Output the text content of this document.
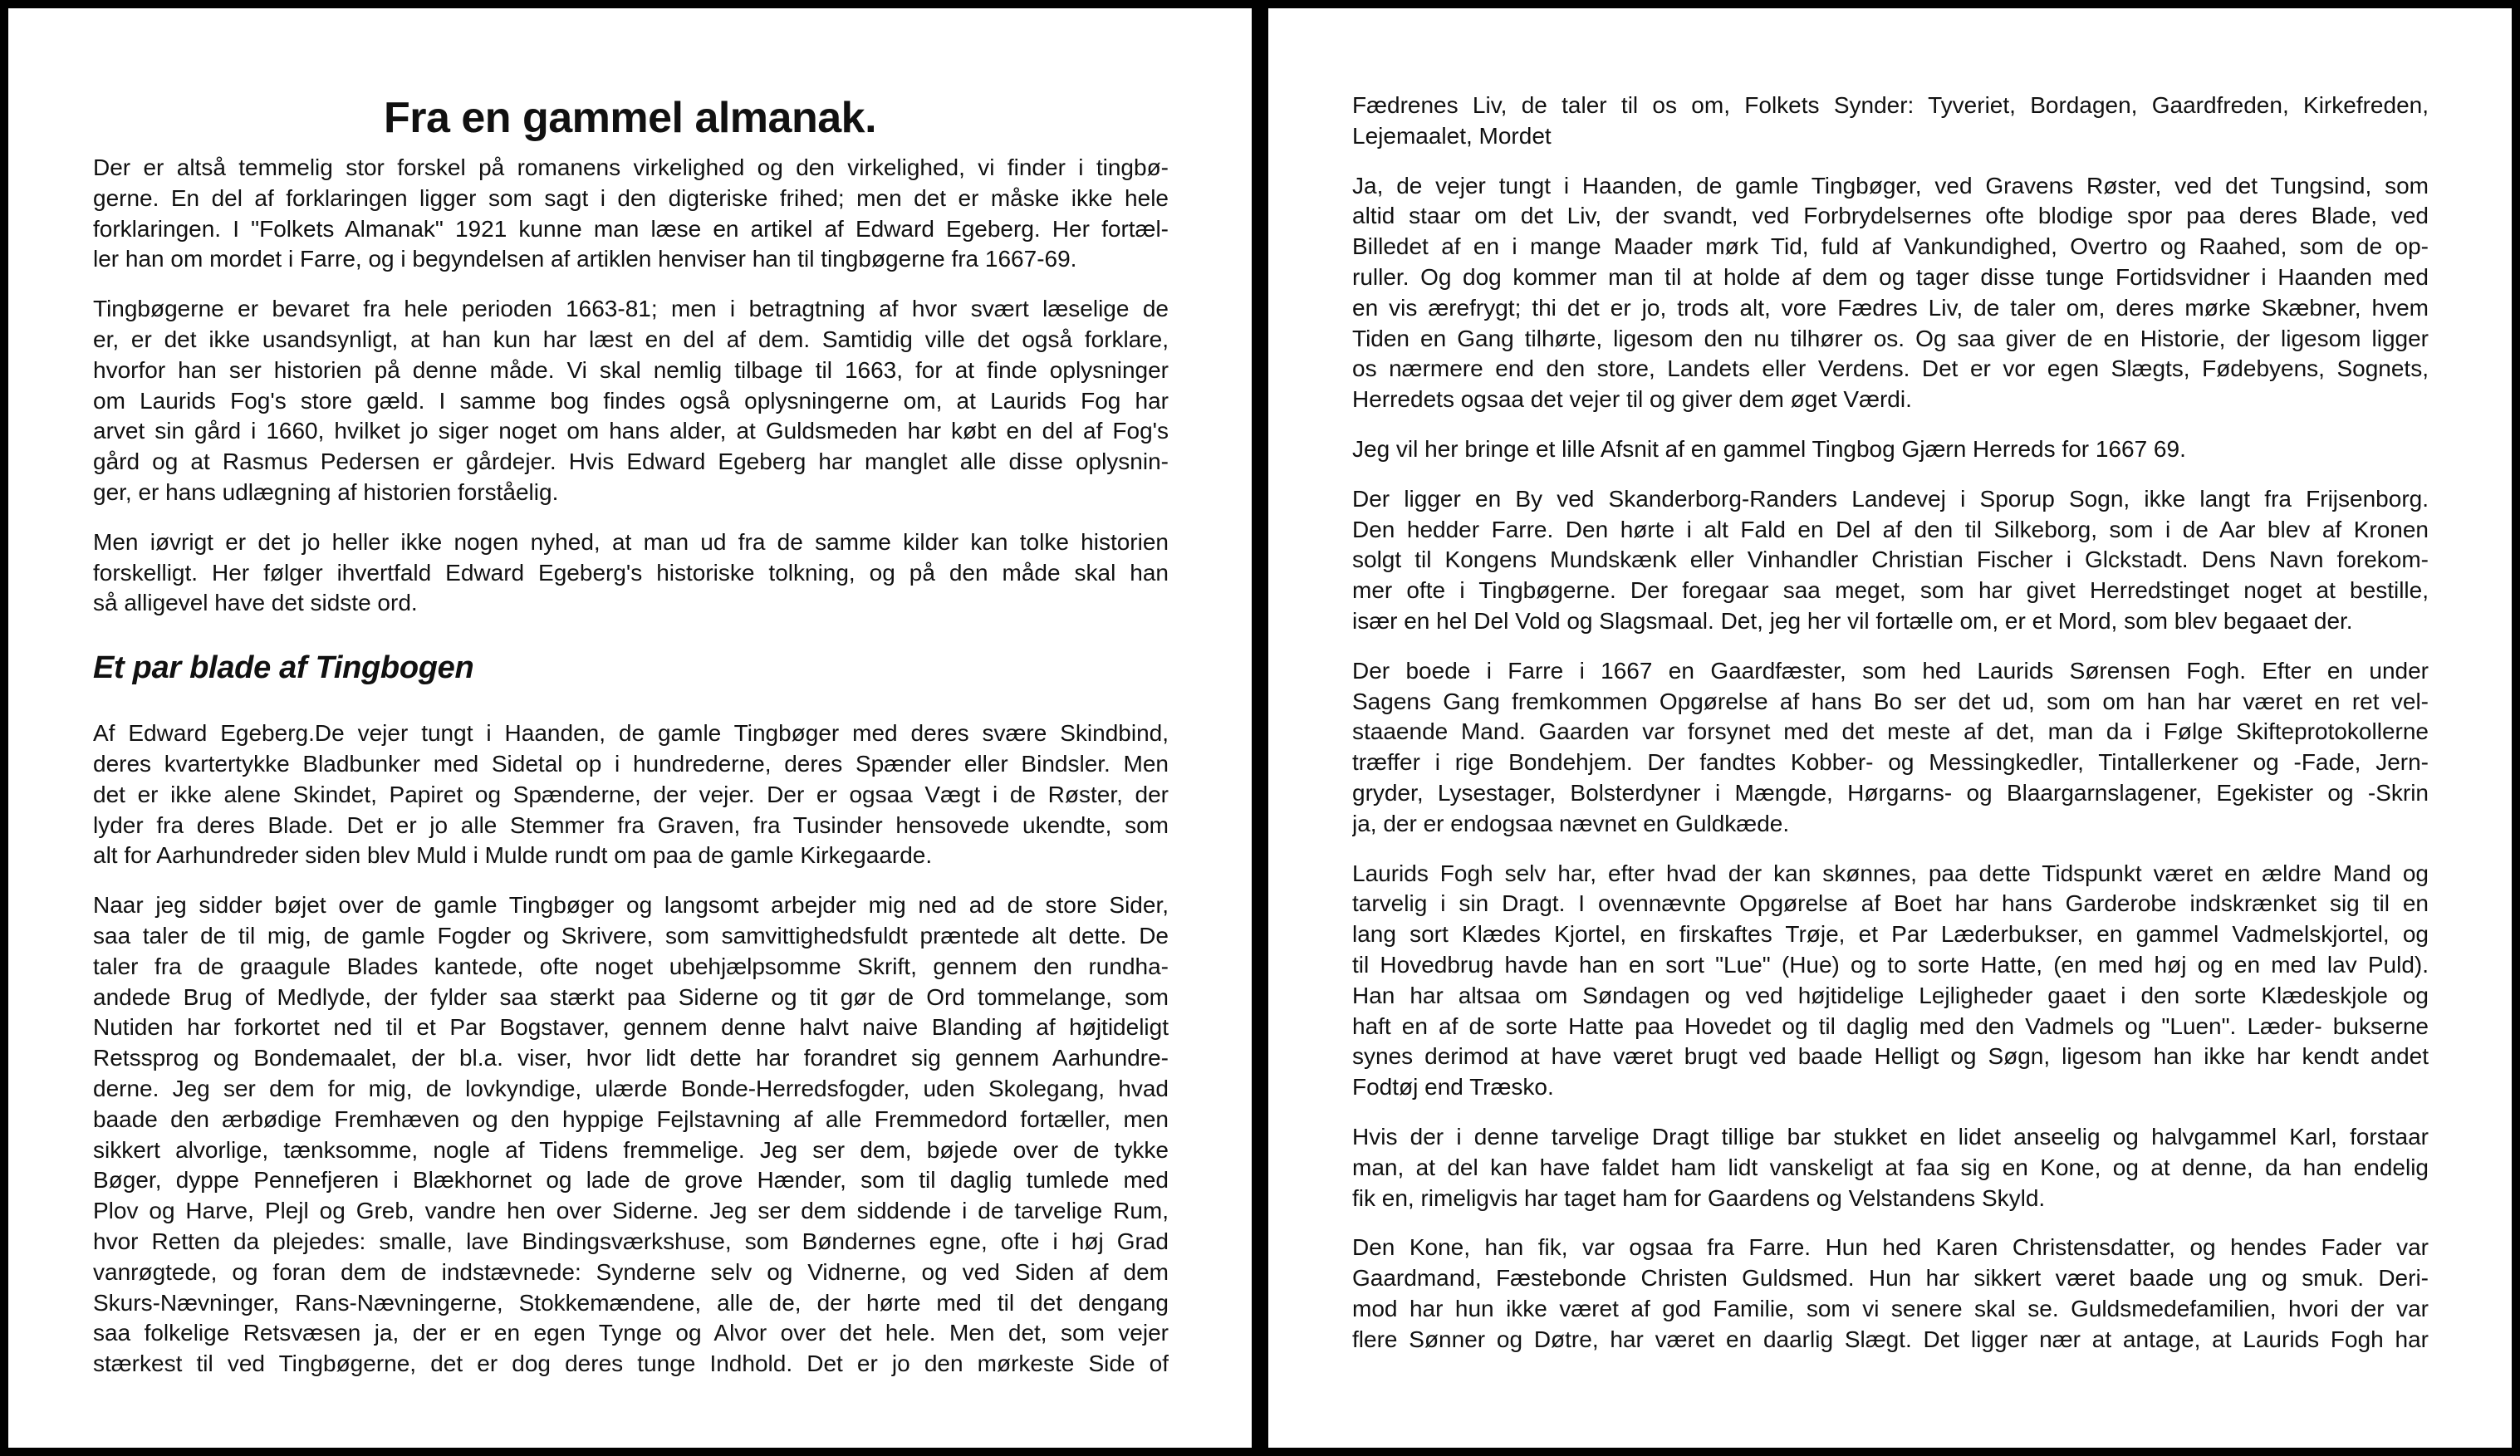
Fra en gammel almanak.
Der er altså temmelig stor forskel på romanens virkelighed og den virkelighed, vi finder i tingbø-
gerne. En del af forklaringen ligger som sagt i den digteriske frihed; men det er måske ikke hele
forklaringen. I "Folkets Almanak" 1921 kunne man læse en artikel af Edward Egeberg. Her fortæl-
ler han om mordet i Farre, og i begyndelsen af artiklen henviser han til tingbøgerne fra 1667-69.
Tingbøgerne er bevaret fra hele perioden 1663-81; men i betragtning af hvor svært læselige de
er, er det ikke usandsynligt, at han kun har læst en del af dem. Samtidig ville det også forklare,
hvorfor han ser historien på denne måde. Vi skal nemlig tilbage til 1663, for at finde oplysninger
om Laurids Fog's store gæld. I samme bog findes også oplysningerne om, at Laurids Fog har
arvet sin gård i 1660, hvilket jo siger noget om hans alder, at Guldsmeden har købt en del af Fog's
gård og at Rasmus Pedersen er gårdejer. Hvis Edward Egeberg har manglet alle disse oplysnin-
ger, er hans udlægning af historien forståelig.
Men iøvrigt er det jo heller ikke nogen nyhed, at man ud fra de samme kilder kan tolke historien
forskelligt. Her følger ihvertfald Edward Egeberg's historiske tolkning, og på den måde skal han
så alligevel have det sidste ord.
Et par blade af Tingbogen
Af Edward Egeberg.De vejer tungt i Haanden, de gamle Tingbøger med deres svære Skindbind,
deres kvartertykke Bladbunker med Sidetal op i hundrederne, deres Spænder eller Bindsler. Men
det er ikke alene Skindet, Papiret og Spænderne, der vejer. Der er ogsaa Vægt i de Røster, der
lyder fra deres Blade. Det er jo alle Stemmer fra Graven, fra Tusinder hensovede ukendte, som
alt for Aarhundreder siden blev Muld i Mulde rundt om paa de gamle Kirkegaarde.
Naar jeg sidder bøjet over de gamle Tingbøger og langsomt arbejder mig ned ad de store Sider,
saa taler de til mig, de gamle Fogder og Skrivere, som samvittighedsfuldt præntede alt dette. De
taler fra de graagule Blades kantede, ofte noget ubehjælpsomme Skrift, gennem den rundha-
andede Brug of Medlyde, der fylder saa stærkt paa Siderne og tit gør de Ord tommelange, som
Nutiden har forkortet ned til et Par Bogstaver, gennem denne halvt naive Blanding af højtideligt
Retssprog og Bondemaalet, der bl.a. viser, hvor lidt dette har forandret sig gennem Aarhundre-
derne. Jeg ser dem for mig, de lovkyndige, ulærde Bonde-Herredsfogder, uden Skolegang, hvad
baade den ærbødige Fremhæven og den hyppige Fejlstavning af alle Fremmedord fortæller, men
sikkert alvorlige, tænksomme, nogle af Tidens fremmelige. Jeg ser dem, bøjede over de tykke
Bøger, dyppe Pennefjeren i Blækhornet og lade de grove Hænder, som til daglig tumlede med
Plov og Harve, Plejl og Greb, vandre hen over Siderne. Jeg ser dem siddende i de tarvelige Rum,
hvor Retten da plejedes: smalle, lave Bindingsværkshuse, som Bøndernes egne, ofte i høj Grad
vanrøgtede, og foran dem de indstævnede: Synderne selv og Vidnerne, og ved Siden af dem
Skurs-Nævninger, Rans-Nævningerne, Stokkemændene, alle de, der hørte med til det dengang
saa folkelige Retsvæsen ja, der er en egen Tynge og Alvor over det hele. Men det, som vejer
stærkest til ved Tingbøgerne, det er dog deres tunge Indhold. Det er jo den mørkeste Side of
Fædrenes Liv, de taler til os om, Folkets Synder: Tyveriet, Bordagen, Gaardfreden, Kirkefreden,
Lejemaalet, Mordet
Ja, de vejer tungt i Haanden, de gamle Tingbøger, ved Gravens Røster, ved det Tungsind, som
altid staar om det Liv, der svandt, ved Forbrydelsernes ofte blodige spor paa deres Blade, ved
Billedet af en i mange Maader mørk Tid, fuld af Vankundighed, Overtro og Raahed, som de op-
ruller. Og dog kommer man til at holde af dem og tager disse tunge Fortidsvidner i Haanden med
en vis ærefrygt; thi det er jo, trods alt, vore Fædres Liv, de taler om, deres mørke Skæbner, hvem
Tiden en Gang tilhørte, ligesom den nu tilhører os. Og saa giver de en Historie, der ligesom ligger
os nærmere end den store, Landets eller Verdens. Det er vor egen Slægts, Fødebyens, Sognets,
Herredets ogsaa det vejer til og giver dem øget Værdi.
Jeg vil her bringe et lille Afsnit af en gammel Tingbog Gjærn Herreds for 1667 69.
Der ligger en By ved Skanderborg-Randers Landevej i Sporup Sogn, ikke langt fra Frijsenborg.
Den hedder Farre. Den hørte i alt Fald en Del af den til Silkeborg, som i de Aar blev af Kronen
solgt til Kongens Mundskænk eller Vinhandler Christian Fischer i Glckstadt. Dens Navn forekom-
mer ofte i Tingbøgerne. Der foregaar saa meget, som har givet Herredstinget noget at bestille,
især en hel Del Vold og Slagsmaal. Det, jeg her vil fortælle om, er et Mord, som blev begaaet der.
Der boede i Farre i 1667 en Gaardfæster, som hed Laurids Sørensen Fogh. Efter en under
Sagens Gang fremkommen Opgørelse af hans Bo ser det ud, som om han har været en ret vel-
staaende Mand. Gaarden var forsynet med det meste af det, man da i Følge Skifteprotokollerne
træffer i rige Bondehjem. Der fandtes Kobber- og Messingkedler, Tintallerkener og -Fade, Jern-
gryder, Lysestager, Bolsterdyner i Mængde, Hørgarns- og Blaargarnslagener, Egekister og -Skrin
ja, der er endogsaa nævnet en Guldkæde.
Laurids Fogh selv har, efter hvad der kan skønnes, paa dette Tidspunkt været en ældre Mand og
tarvelig i sin Dragt. I ovennævnte Opgørelse af Boet har hans Garderobe indskrænket sig til en
lang sort Klædes Kjortel, en firskaftes Trøje, et Par Læderbukser, en gammel Vadmelskjortel, og
til Hovedbrug havde han en sort "Lue" (Hue) og to sorte Hatte, (en med høj og en med lav Puld).
Han har altsaa om Søndagen og ved højtidelige Lejligheder gaaet i den sorte Klædeskjole og
haft en af de sorte Hatte paa Hovedet og til daglig med den Vadmels og "Luen". Læder- bukserne
synes derimod at have været brugt ved baade Helligt og Søgn, ligesom han ikke har kendt andet
Fodtøj end Træsko.
Hvis der i denne tarvelige Dragt tillige bar stukket en lidet anseelig og halvgammel Karl, forstaar
man, at del kan have faldet ham lidt vanskeligt at faa sig en Kone, og at denne, da han endelig
fik en, rimeligvis har taget ham for Gaardens og Velstandens Skyld.
Den Kone, han fik, var ogsaa fra Farre. Hun hed Karen Christensdatter, og hendes Fader var
Gaardmand, Fæstebonde Christen Guldsmed. Hun har sikkert været baade ung og smuk. Deri-
mod har hun ikke været af god Familie, som vi senere skal se. Guldsmedefamilien, hvori der var
flere Sønner og Døtre, har været en daarlig Slægt. Det ligger nær at antage, at Laurids Fogh har
